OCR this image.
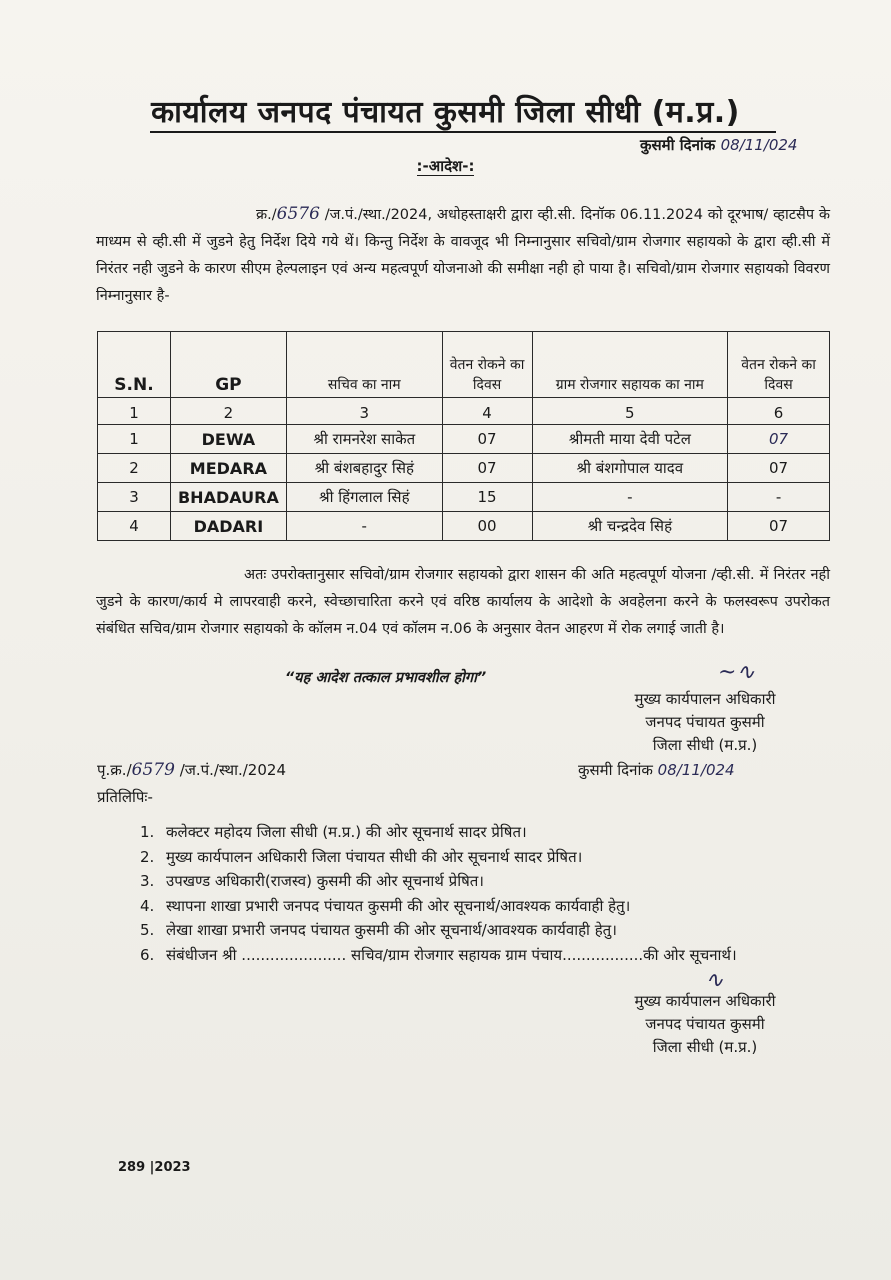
कार्यालय जनपद पंचायत कुसमी जिला सीधी (म.प्र.)
कुसमी दिनांक 08/11/024
:-आदेश-:
क्र./6576 /ज.पं./स्था./2024, अधोहस्ताक्षरी द्वारा व्ही.सी. दिनॉक 06.11.2024 को दूरभाष/ व्हाटसैप के माध्यम से व्ही.सी में जुडने हेतु निर्देश दिये गये थें। किन्तु निर्देश के वावजूद भी निम्नानुसार सचिवो/ग्राम रोजगार सहायको के द्वारा व्ही.सी में निरंतर नही जुडने के कारण सीएम हेल्पलाइन एवं अन्य महत्वपूर्ण योजनाओ की समीक्षा नही हो पाया है। सचिवो/ग्राम रोजगार सहायको विवरण निम्नानुसार है-
S.N.	GP	सचिव का नाम	वेतन रोकने का दिवस	ग्राम रोजगार सहायक का नाम	वेतन रोकने का दिवस
1	2	3	4	5	6
1	DEWA	श्री रामनरेश साकेत	07	श्रीमती माया देवी पटेल	07
2	MEDARA	श्री बंशबहादुर सिहं	07	श्री बंशगोपाल यादव	07
3	BHADAURA	श्री हिंगलाल सिहं	15	-	-
4	DADARI	-	00	श्री चन्द्रदेव सिहं	07
अतः उपरोक्तानुसार सचिवो/ग्राम रोजगार सहायको द्वारा शासन की अति महत्वपूर्ण योजना /व्ही.सी. में निरंतर नही जुडने के कारण/कार्य मे लापरवाही करने, स्वेच्छाचारिता करने एवं वरिष्ठ कार्यालय के आदेशो के अवहेलना करने के फलस्वरूप उपरोकत संबंधित सचिव/ग्राम रोजगार सहायको के कॉलम न.04 एवं कॉलम न.06 के अनुसार वेतन आहरण में रोक लगाई जाती है।
“यह आदेश तत्काल प्रभावशील होगा”	~∿
मुख्य कार्यपालन अधिकारी
जनपद पंचायत कुसमी
जिला सीधी (म.प्र.)
पृ.क्र./6579 /ज.पं./स्था./2024	कुसमी दिनांक 08/11/024
प्रतिलिपिः-
1. कलेक्टर महोदय जिला सीधी (म.प्र.) की ओर सूचनार्थ सादर प्रेषित।
2. मुख्य कार्यपालन अधिकारी जिला पंचायत सीधी की ओर सूचनार्थ सादर प्रेषित।
3. उपखण्ड अधिकारी(राजस्व) कुसमी की ओर सूचनार्थ प्रेषित।
4. स्थापना शाखा प्रभारी जनपद पंचायत कुसमी की ओर सूचनार्थ/आवश्यक कार्यवाही हेतु।
5. लेखा शाखा प्रभारी जनपद पंचायत कुसमी की ओर सूचनार्थ/आवश्यक कार्यवाही हेतु।
6. संबंधीजन श्री ...................... सचिव/ग्राम रोजगार सहायक ग्राम पंचाय.................की ओर सूचनार्थ।
∿
मुख्य कार्यपालन अधिकारी
जनपद पंचायत कुसमी
जिला सीधी (म.प्र.)
289 |2023
